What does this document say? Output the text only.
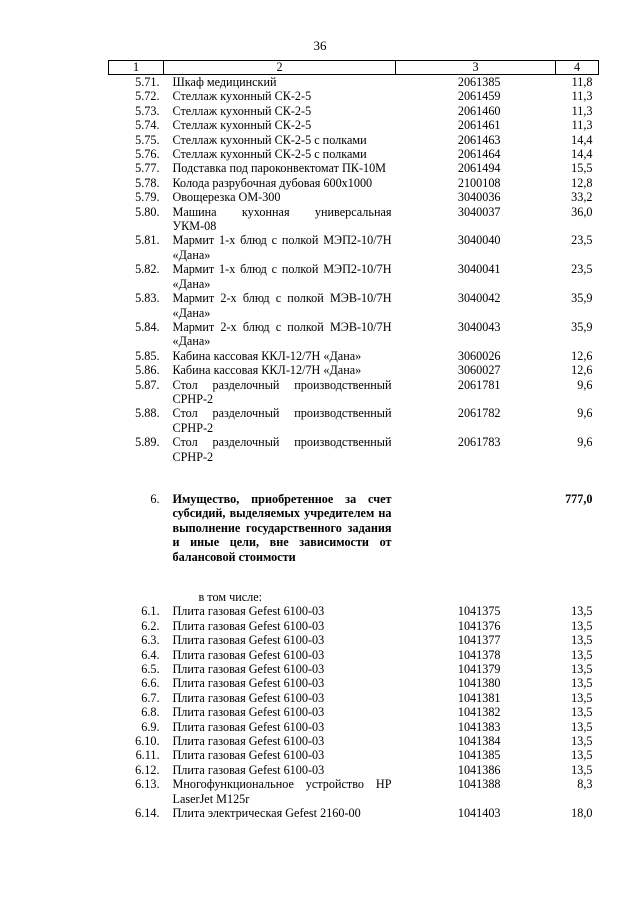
36
1	2	3	4
5.71.	Шкаф медицинский	2061385	11,8
5.72.	Стеллаж кухонный СК-2-5	2061459	11,3
5.73.	Стеллаж кухонный СК-2-5	2061460	11,3
5.74.	Стеллаж кухонный СК-2-5	2061461	11,3
5.75.	Стеллаж кухонный СК-2-5 с полками	2061463	14,4
5.76.	Стеллаж кухонный СК-2-5 с полками	2061464	14,4
5.77.	Подставка под пароконвектомат ПК-10М	2061494	15,5
5.78.	Колода разрубочная дубовая 600x1000	2100108	12,8
5.79.	Овощерезка ОМ-300	3040036	33,2
5.80.	Машина кухонная универсальная УКМ-08	3040037	36,0
5.81.	Мармит 1-х блюд с полкой МЭП2-10/7Н «Дана»	3040040	23,5
5.82.	Мармит 1-х блюд с полкой МЭП2-10/7Н «Дана»	3040041	23,5
5.83.	Мармит 2-х блюд с полкой МЭВ-10/7Н «Дана»	3040042	35,9
5.84.	Мармит 2-х блюд с полкой МЭВ-10/7Н «Дана»	3040043	35,9
5.85.	Кабина кассовая ККЛ-12/7Н «Дана»	3060026	12,6
5.86.	Кабина кассовая ККЛ-12/7Н «Дана»	3060027	12,6
5.87.	Стол разделочный производственный СРНР-2	2061781	9,6
5.88.	Стол разделочный производственный СРНР-2	2061782	9,6
5.89.	Стол разделочный производственный СРНР-2	2061783	9,6
6.	Имущество, приобретенное за счет субсидий, выделяемых учредителем на выполнение государственного задания и иные цели, вне зависимости от балансовой стоимости		777,0
	в том числе:		
6.1.	Плита газовая Gefest 6100-03	1041375	13,5
6.2.	Плита газовая Gefest 6100-03	1041376	13,5
6.3.	Плита газовая Gefest 6100-03	1041377	13,5
6.4.	Плита газовая Gefest 6100-03	1041378	13,5
6.5.	Плита газовая Gefest 6100-03	1041379	13,5
6.6.	Плита газовая Gefest 6100-03	1041380	13,5
6.7.	Плита газовая Gefest 6100-03	1041381	13,5
6.8.	Плита газовая Gefest 6100-03	1041382	13,5
6.9.	Плита газовая Gefest 6100-03	1041383	13,5
6.10.	Плита газовая Gefest 6100-03	1041384	13,5
6.11.	Плита газовая Gefest 6100-03	1041385	13,5
6.12.	Плита газовая Gefest 6100-03	1041386	13,5
6.13.	Многофункциональное устройство HP LaserJet M125r	1041388	8,3
6.14.	Плита электрическая Gefest 2160-00	1041403	18,0
